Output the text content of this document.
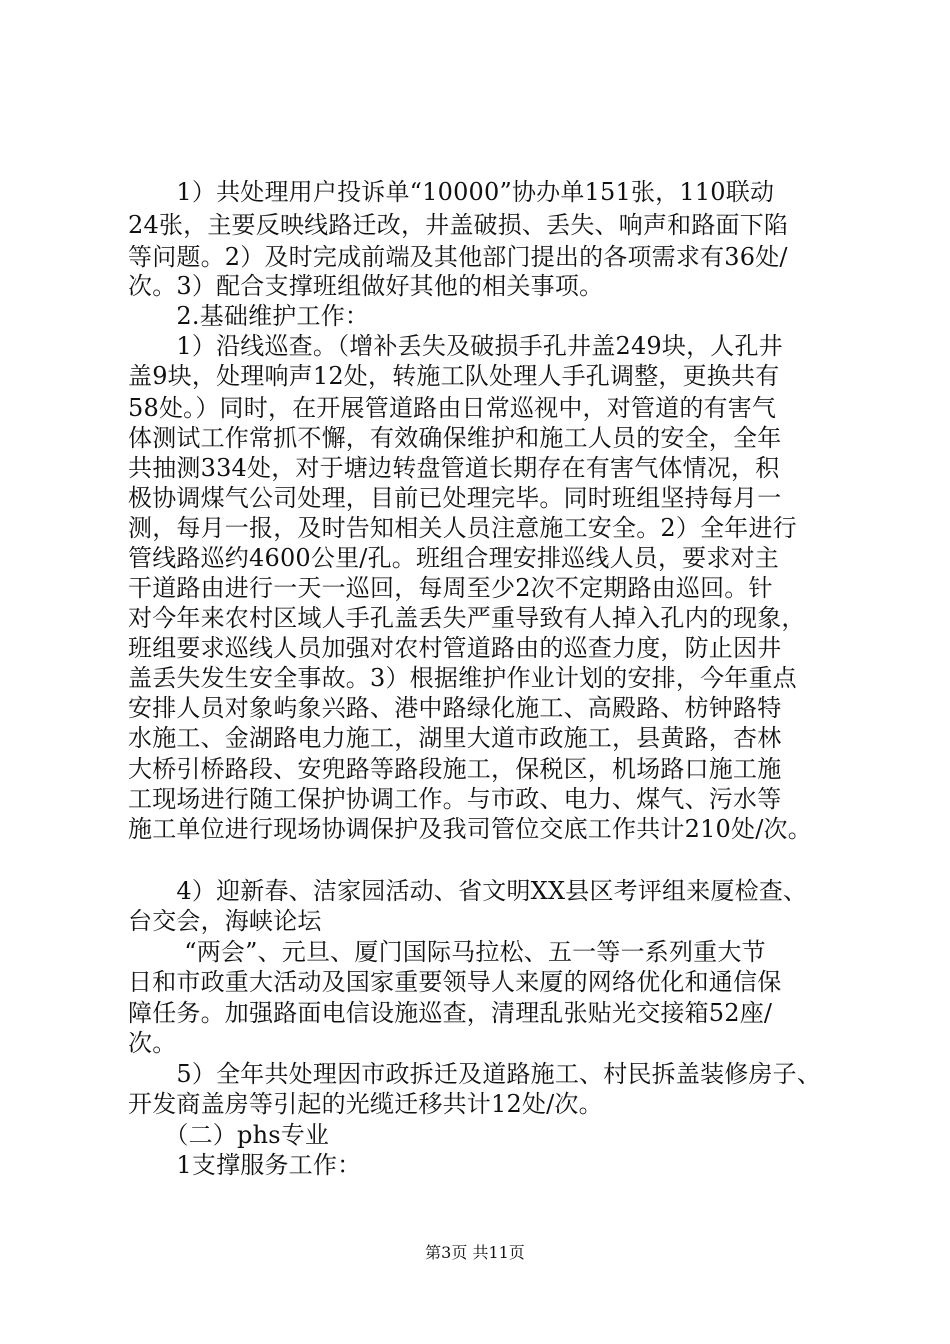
　　1）共处理用户投诉单“10000”协办单151张，110联动
24张，主要反映线路迁改，井盖破损、丢失、响声和路面下陷
等问题。2）及时完成前端及其他部门提出的各项需求有36处/
次。3）配合支撑班组做好其他的相关事项。
　　2.基础维护工作：
　　1）沿线巡查。（增补丢失及破损手孔井盖249块，人孔井
盖9块，处理响声12处，转施工队处理人手孔调整，更换共有
58处。）同时，在开展管道路由日常巡视中，对管道的有害气
体测试工作常抓不懈，有效确保维护和施工人员的安全，全年
共抽测334处，对于塘边转盘管道长期存在有害气体情况，积
极协调煤气公司处理，目前已处理完毕。同时班组坚持每月一
测，每月一报，及时告知相关人员注意施工安全。2）全年进行
管线路巡约4600公里/孔。班组合理安排巡线人员，要求对主
干道路由进行一天一巡回，每周至少2次不定期路由巡回。针
对今年来农村区域人手孔盖丢失严重导致有人掉入孔内的现象，
班组要求巡线人员加强对农村管道路由的巡查力度，防止因井
盖丢失发生安全事故。3）根据维护作业计划的安排，今年重点
安排人员对象屿象兴路、港中路绿化施工、高殿路、枋钟路特
水施工、金湖路电力施工，湖里大道市政施工，县黄路，杏林
大桥引桥路段、安兜路等路段施工，保税区，机场路口施工施
工现场进行随工保护协调工作。与市政、电力、煤气、污水等
施工单位进行现场协调保护及我司管位交底工作共计210处/次。
　　4）迎新春、洁家园活动、省文明XX县区考评组来厦检查、
台交会，海峡论坛
　　 “两会”、元旦、厦门国际马拉松、五一等一系列重大节
日和市政重大活动及国家重要领导人来厦的网络优化和通信保
障任务。加强路面电信设施巡查，清理乱张贴光交接箱52座/
次。
　　5）全年共处理因市政拆迁及道路施工、村民拆盖装修房子、
开发商盖房等引起的光缆迁移共计12处/次。
　　（二）phs专业
　　1支撑服务工作：
第3页 共11页
